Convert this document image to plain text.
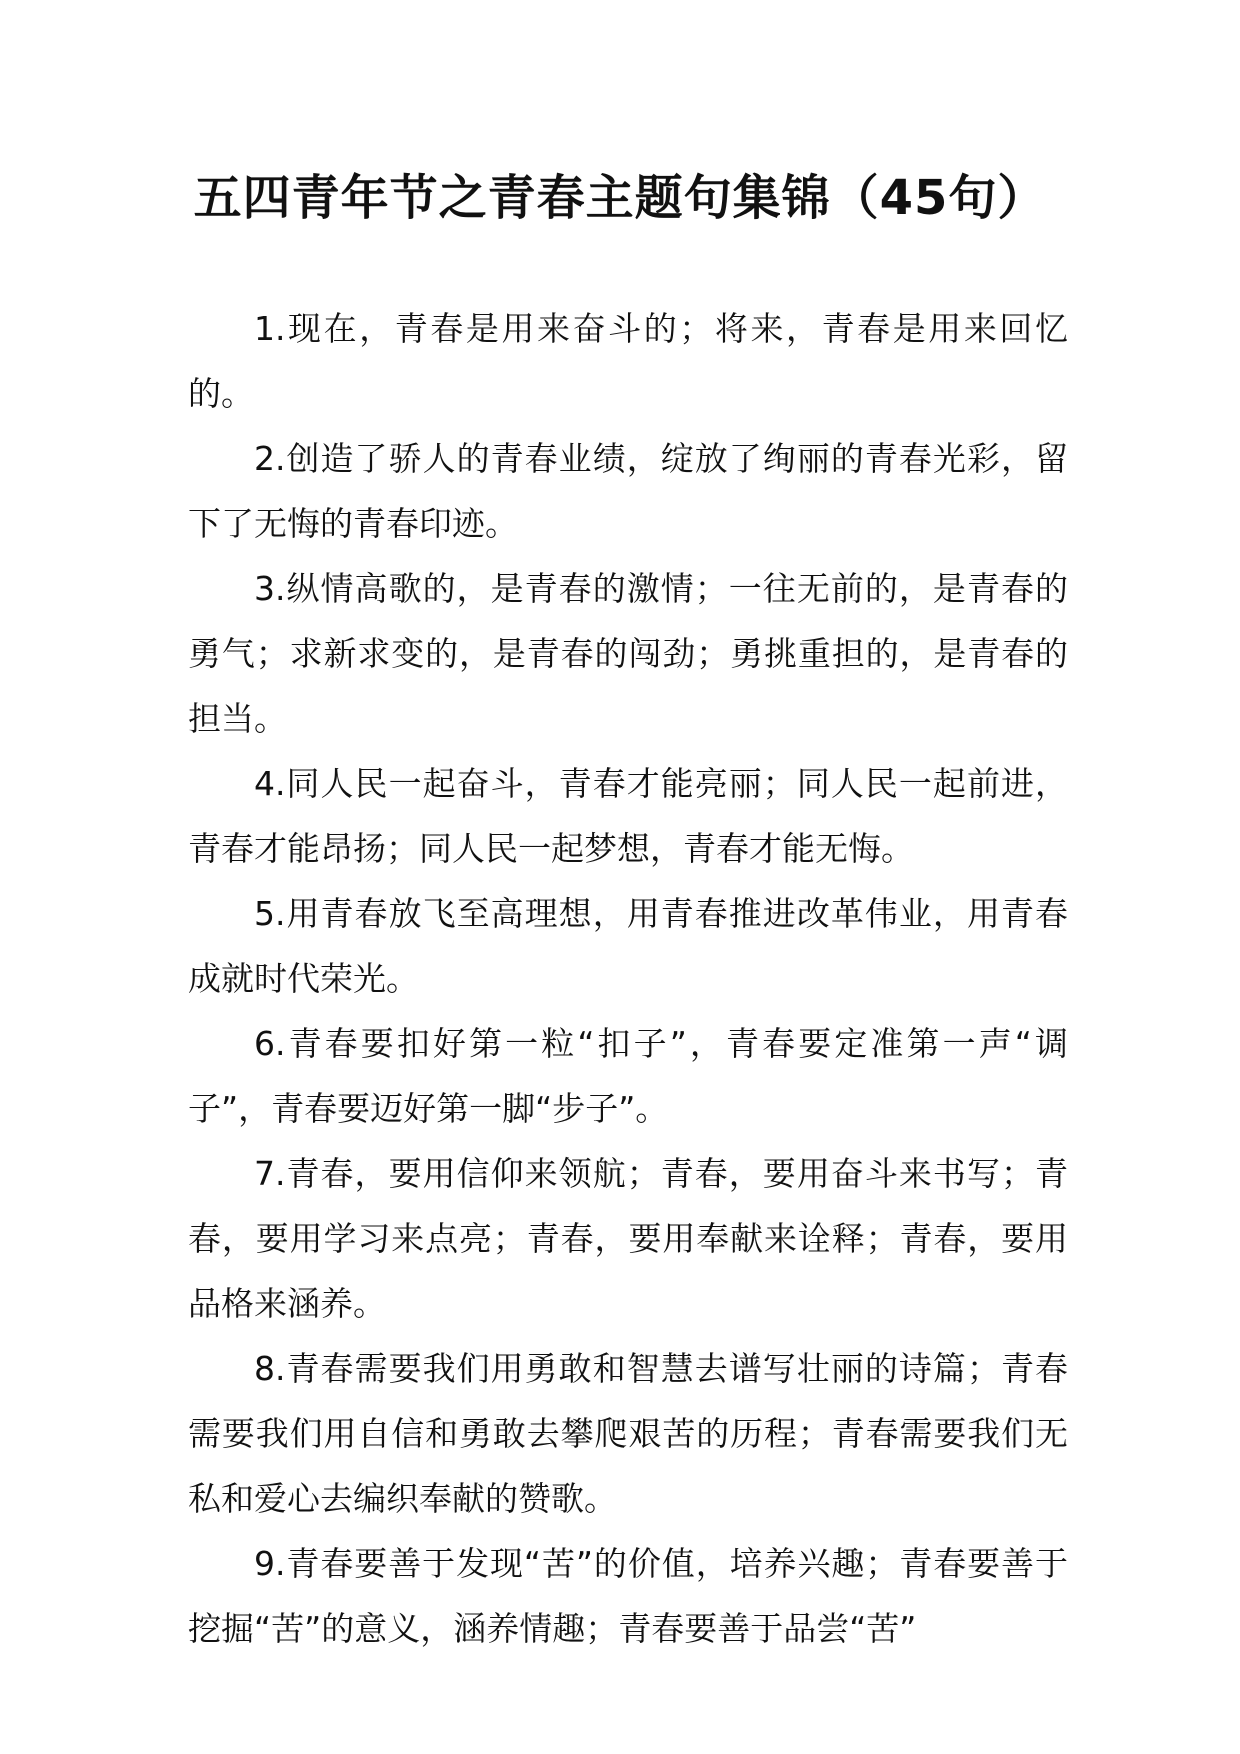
五四青年节之青春主题句集锦（45句）

1.现在，青春是用来奋斗的；将来，青春是用来回忆的。

2.创造了骄人的青春业绩，绽放了绚丽的青春光彩，留下了无悔的青春印迹。

3.纵情高歌的，是青春的激情；一往无前的，是青春的勇气；求新求变的，是青春的闯劲；勇挑重担的，是青春的担当。

4.同人民一起奋斗，青春才能亮丽；同人民一起前进，青春才能昂扬；同人民一起梦想，青春才能无悔。

5.用青春放飞至高理想，用青春推进改革伟业，用青春成就时代荣光。

6.青春要扣好第一粒“扣子”，青春要定准第一声“调子”，青春要迈好第一脚“步子”。

7.青春，要用信仰来领航；青春，要用奋斗来书写；青春，要用学习来点亮；青春，要用奉献来诠释；青春，要用品格来涵养。

8.青春需要我们用勇敢和智慧去谱写壮丽的诗篇；青春需要我们用自信和勇敢去攀爬艰苦的历程；青春需要我们无私和爱心去编织奉献的赞歌。

9.青春要善于发现“苦”的价值，培养兴趣；青春要善于挖掘“苦”的意义，涵养情趣；青春要善于品尝“苦”
